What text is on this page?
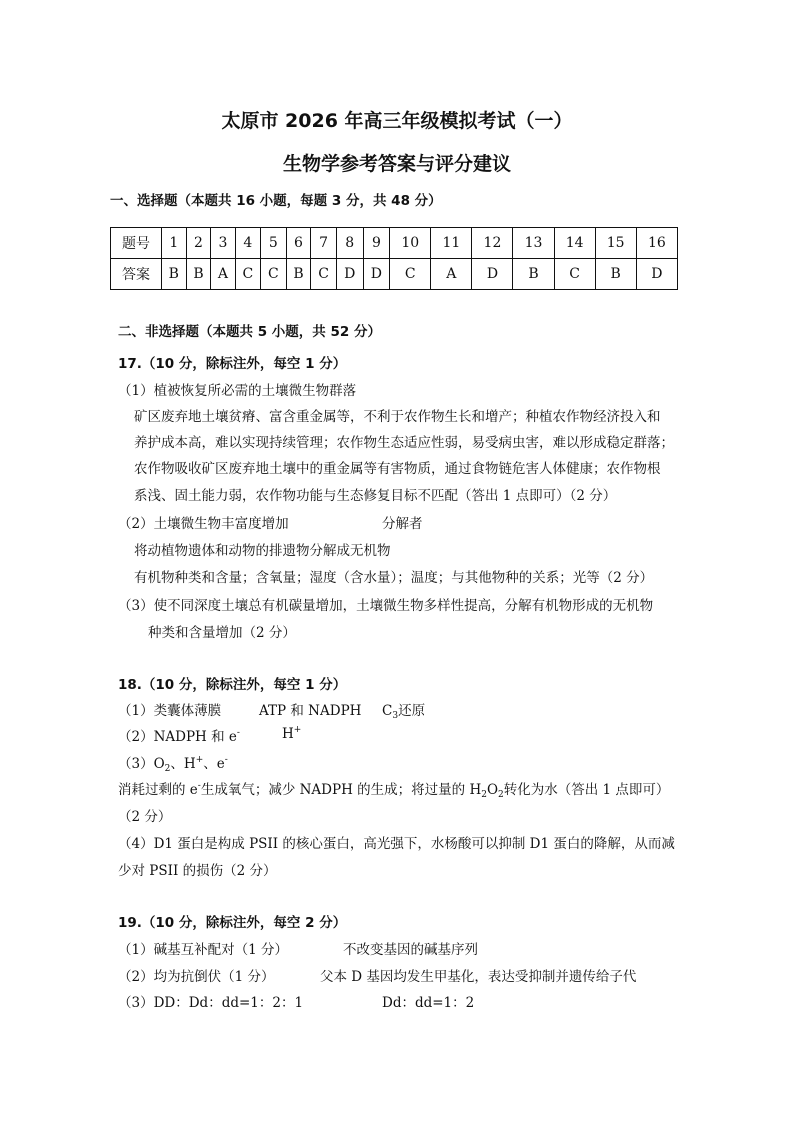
太原市 2026 年高三年级模拟考试（一）
生物学参考答案与评分建议
一、选择题（本题共 16 小题，每题 3 分，共 48 分）
题号	1	2	3	4	5	6	7	8	9	10	11	12	13	14	15	16
答案	B	B	A	C	C	B	C	D	D	C	A	D	B	C	B	D
二、非选择题（本题共 5 小题，共 52 分）
17.（10 分，除标注外，每空 1 分）
（1）植被恢复所必需的土壤微生物群落
矿区废弃地土壤贫瘠、富含重金属等，不利于农作物生长和增产；种植农作物经济投入和
养护成本高，难以实现持续管理；农作物生态适应性弱，易受病虫害，难以形成稳定群落；
农作物吸收矿区废弃地土壤中的重金属等有害物质，通过食物链危害人体健康；农作物根
系浅、固土能力弱，农作物功能与生态修复目标不匹配（答出 1 点即可）（2 分）
（2）土壤微生物丰富度增加	分解者
将动植物遗体和动物的排遗物分解成无机物
有机物种类和含量；含氧量；湿度（含水量）；温度；与其他物种的关系；光等（2 分）
（3）使不同深度土壤总有机碳量增加，土壤微生物多样性提高，分解有机物形成的无机物
种类和含量增加（2 分）
18.（10 分，除标注外，每空 1 分）
（1）类囊体薄膜	ATP 和 NADPH $C_3$还原
（2）NADPH 和 e-	H+
$(3)O_2$、H+、e-
消耗过剩的 e-生成氧气；减少 NADPH 的生成；将过量的 $H_2O_2$转化为水（答出 1 点即可）
（2 分）
（4）D1 蛋白是构成 PSII 的核心蛋白，高光强下，水杨酸可以抑制 D1 蛋白的降解，从而减
少对 PSII 的损伤（2 分）
19.（10 分，除标注外，每空 2 分）
（1）碱基互补配对（1 分）	不改变基因的碱基序列
（2）均为抗倒伏（1 分）	父本 D 基因均发生甲基化，表达受抑制并遗传给子代
（3）DD：Dd：dd=1：2：1	Dd：dd=1：2
